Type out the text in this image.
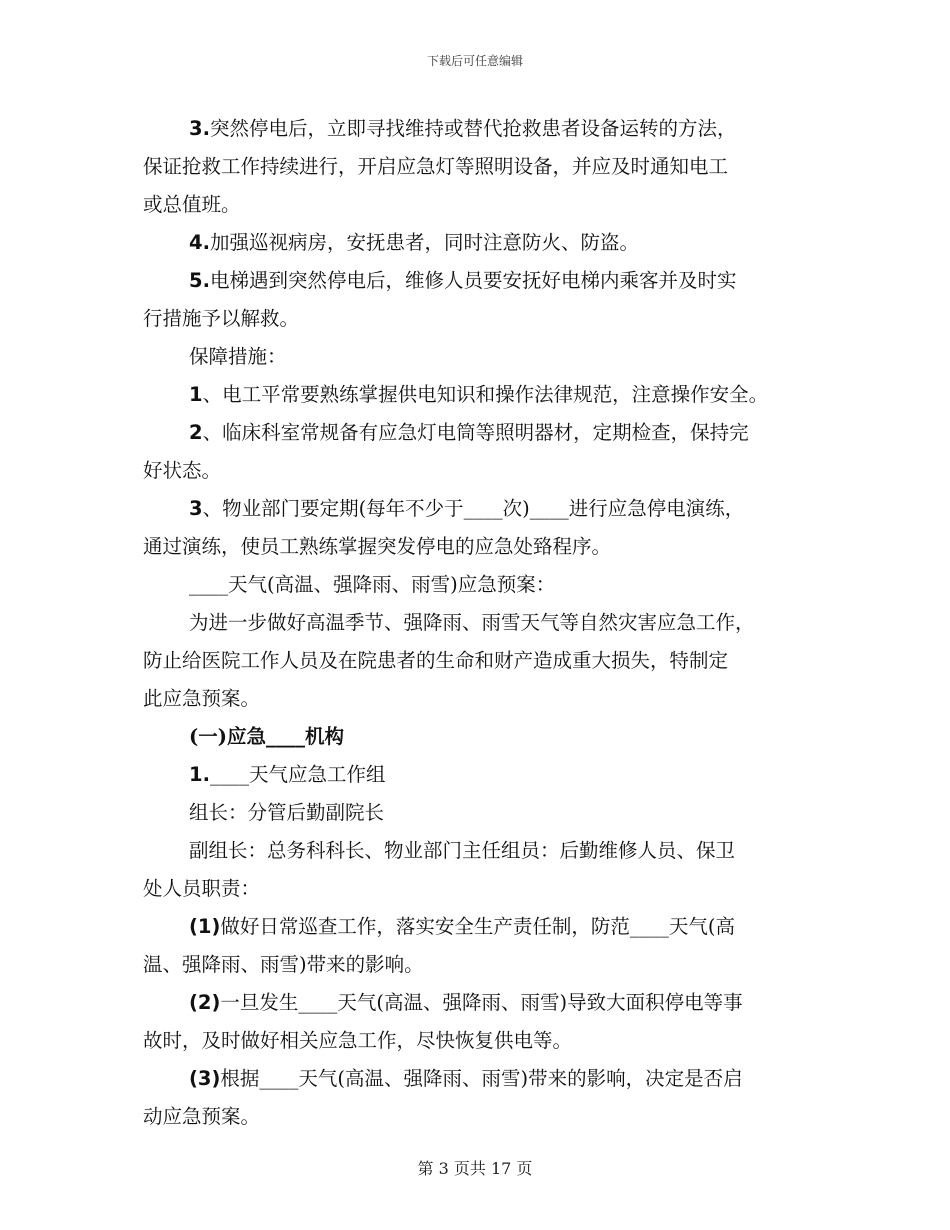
下载后可任意编辑

3.突然停电后，立即寻找维持或替代抢救患者设备运转的方法，

保证抢救工作持续进行，开启应急灯等照明设备，并应及时通知电工

或总值班。

4.加强巡视病房，安抚患者，同时注意防火、防盗。

5.电梯遇到突然停电后，维修人员要安抚好电梯内乘客并及时实

行措施予以解救。

保障措施：

1、电工平常要熟练掌握供电知识和操作法律规范，注意操作安全。

2、临床科室常规备有应急灯电筒等照明器材，定期检查，保持完

好状态。

3、物业部门要定期(每年不少于____次)____进行应急停电演练，

通过演练，使员工熟练掌握突发停电的应急处臵程序。

____天气(高温、强降雨、雨雪)应急预案：

为进一步做好高温季节、强降雨、雨雪天气等自然灾害应急工作，

防止给医院工作人员及在院患者的生命和财产造成重大损失，特制定

此应急预案。

(一)应急____机构

1.____天气应急工作组

组长：分管后勤副院长

副组长：总务科科长、物业部门主任组员：后勤维修人员、保卫

处人员职责：

(1)做好日常巡查工作，落实安全生产责任制，防范____天气(高

温、强降雨、雨雪)带来的影响。

(2)一旦发生____天气(高温、强降雨、雨雪)导致大面积停电等事

故时，及时做好相关应急工作，尽快恢复供电等。

(3)根据____天气(高温、强降雨、雨雪)带来的影响，决定是否启

动应急预案。

第 3 页共 17 页
